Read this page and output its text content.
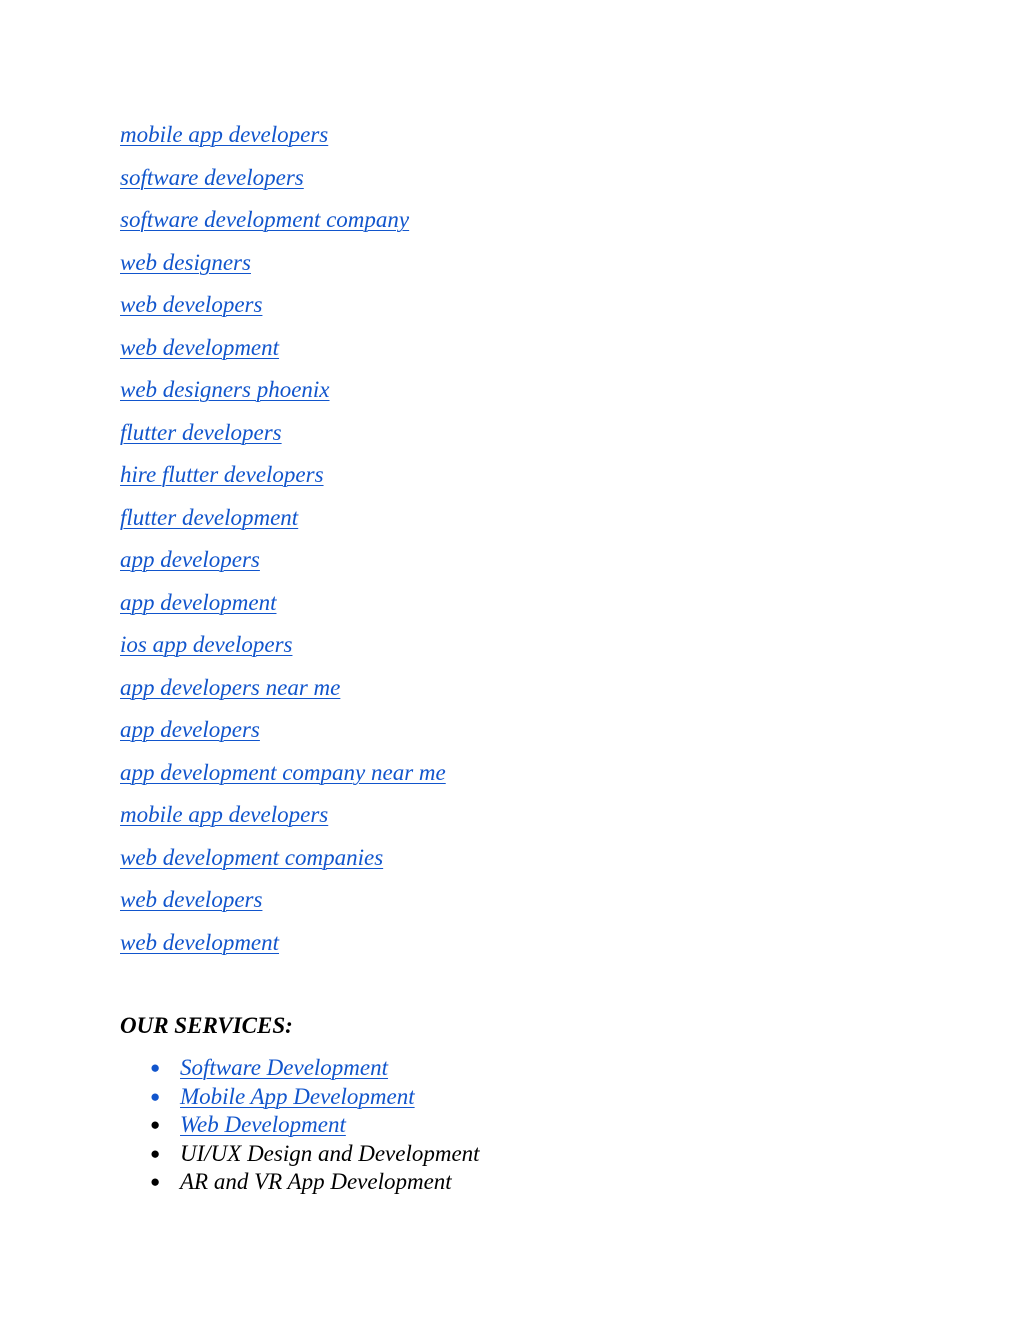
mobile app developers
software developers
software development company
web designers
web developers
web development
web designers phoenix
flutter developers
hire flutter developers
flutter development
app developers
app development
ios app developers
app developers near me
app developers
app development company near me
mobile app developers
web development companies
web developers
web development
OUR SERVICES:
● Software Development
● Mobile App Development
● Web Development
● UI/UX Design and Development
● AR and VR App Development
